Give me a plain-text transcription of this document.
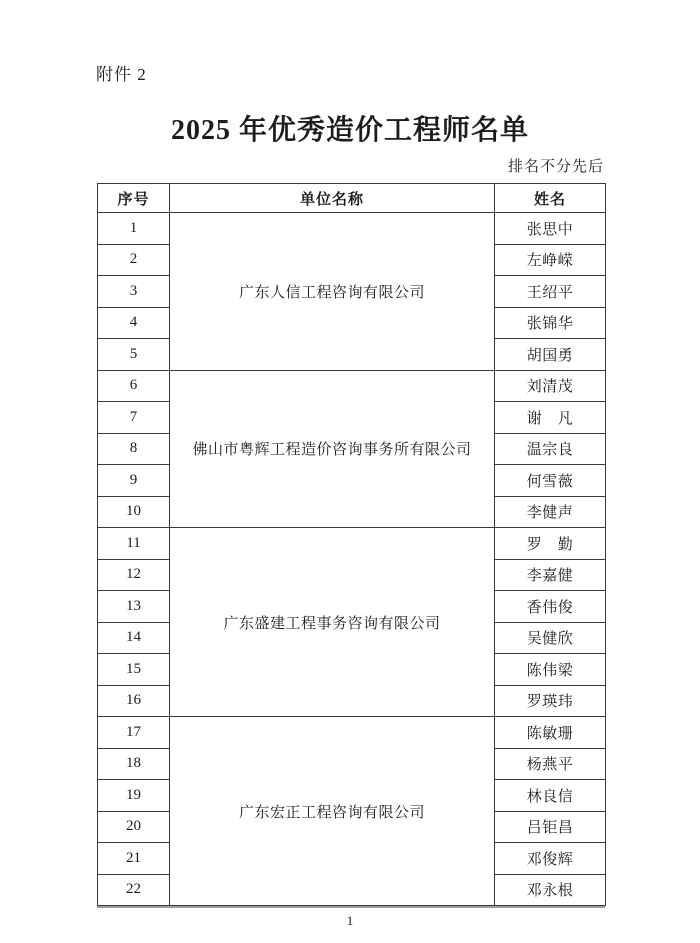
附件 2
2025 年优秀造价工程师名单
排名不分先后
序号	单位名称	姓名
1	广东人信工程咨询有限公司	张思中
2		左峥嵘
3		王绍平
4		张锦华
5		胡国勇
6	佛山市粤辉工程造价咨询事务所有限公司	刘清茂
7		谢　凡
8		温宗良
9		何雪薇
10		李健声
11	广东盛建工程事务咨询有限公司	罗　勤
12		李嘉健
13		香伟俊
14		吴健欣
15		陈伟梁
16		罗瑛玮
17	广东宏正工程咨询有限公司	陈敏珊
18		杨燕平
19		林良信
20		吕钜昌
21		邓俊辉
22		邓永根
1
